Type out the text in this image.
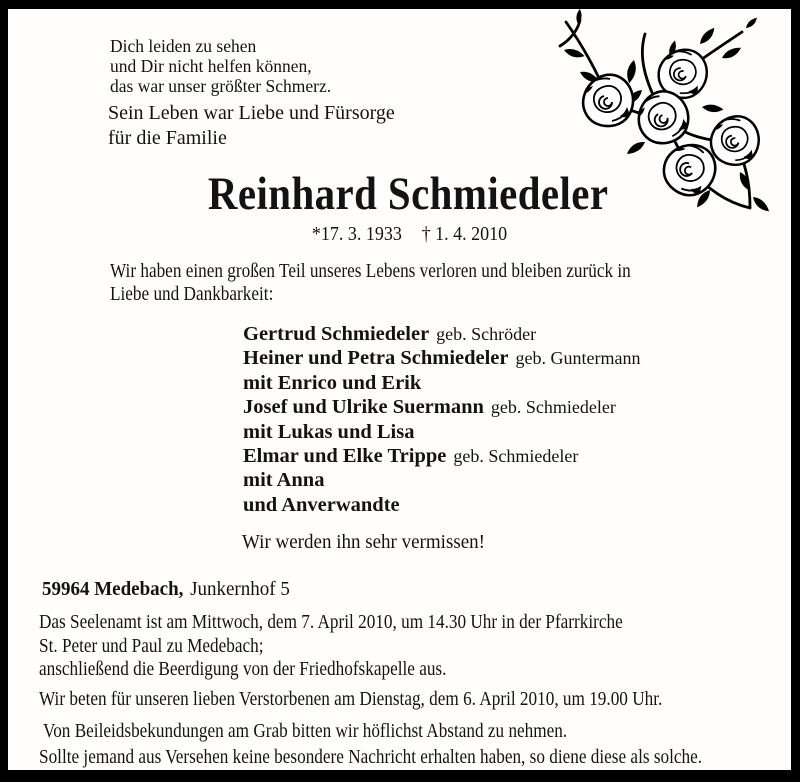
Dich leiden zu sehen
und Dir nicht helfen können,
das war unser größter Schmerz.
Sein Leben war Liebe und Fürsorge
für die Familie
Reinhard Schmiedeler
*17. 3. 1933 † 1. 4. 2010
Wir haben einen großen Teil unseres Lebens verloren und bleiben zurück in
Liebe und Dankbarkeit:
Gertrud Schmiedeler geb. Schröder
Heiner und Petra Schmiedeler geb. Guntermann
mit Enrico und Erik
Josef und Ulrike Suermann geb. Schmiedeler
mit Lukas und Lisa
Elmar und Elke Trippe geb. Schmiedeler
mit Anna
und Anverwandte
Wir werden ihn sehr vermissen!
59964 Medebach, Junkernhof 5
Das Seelenamt ist am Mittwoch, dem 7. April 2010, um 14.30 Uhr in der Pfarrkirche
St. Peter und Paul zu Medebach;
anschließend die Beerdigung von der Friedhofskapelle aus.
Wir beten für unseren lieben Verstorbenen am Dienstag, dem 6. April 2010, um 19.00 Uhr.
Von Beileidsbekundungen am Grab bitten wir höflichst Abstand zu nehmen.
Sollte jemand aus Versehen keine besondere Nachricht erhalten haben, so diene diese als solche.
